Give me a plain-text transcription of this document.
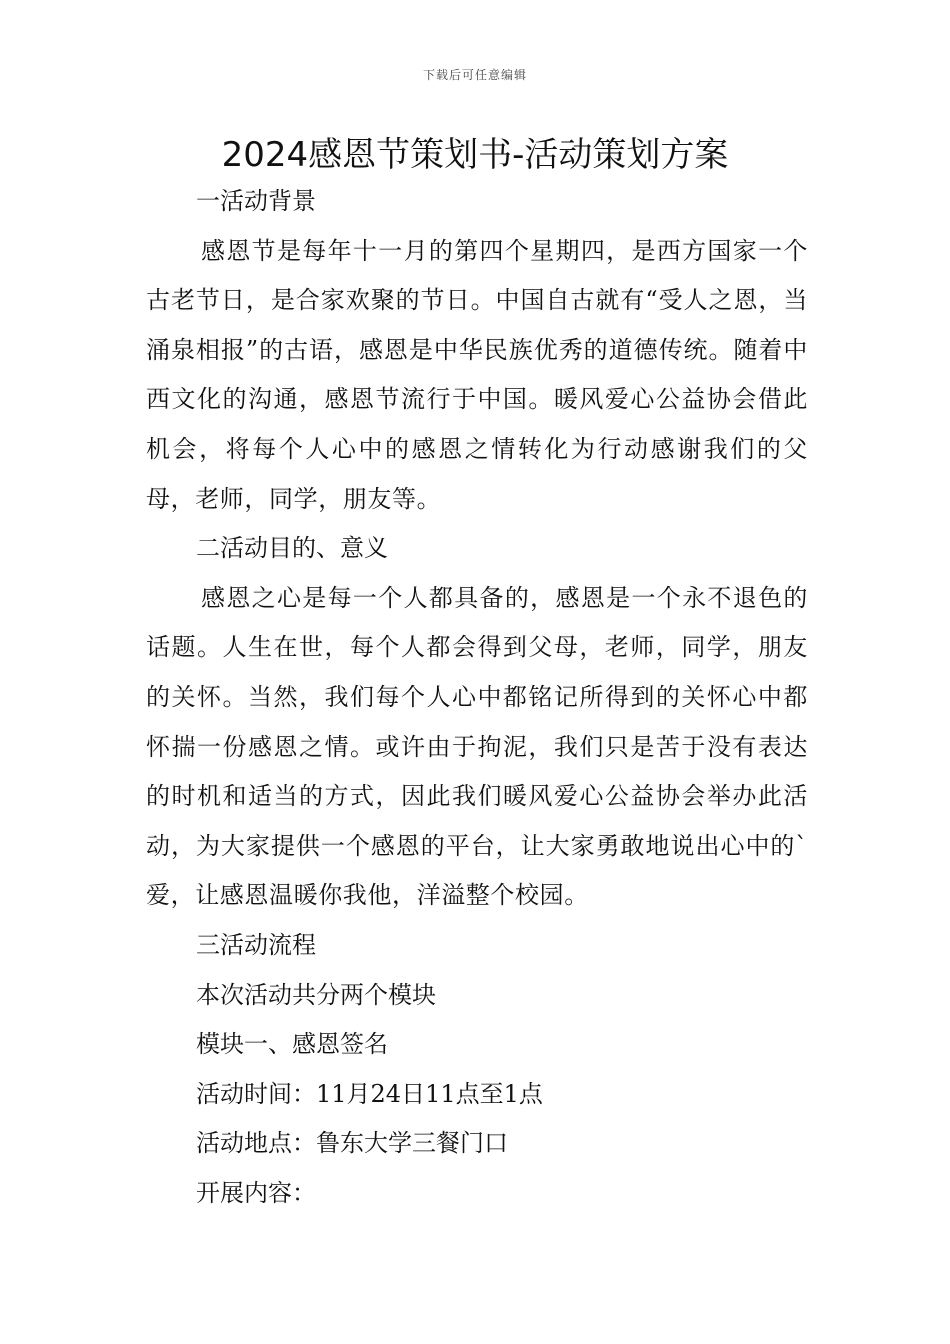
下载后可任意编辑
2024感恩节策划书-活动策划方案
一活动背景

感恩节是每年十一月的第四个星期四，是西方国家一个古老节日，是合家欢聚的节日。中国自古就有“受人之恩，当涌泉相报”的古语，感恩是中华民族优秀的道德传统。随着中西文化的沟通，感恩节流行于中国。暖风爱心公益协会借此机会，将每个人心中的感恩之情转化为行动感谢我们的父母，老师，同学，朋友等。

二活动目的、意义

感恩之心是每一个人都具备的，感恩是一个永不退色的话题。人生在世，每个人都会得到父母，老师，同学，朋友的关怀。当然，我们每个人心中都铭记所得到的关怀心中都怀揣一份感恩之情。或许由于拘泥，我们只是苦于没有表达的时机和适当的方式，因此我们暖风爱心公益协会举办此活动，为大家提供一个感恩的平台，让大家勇敢地说出心中的`爱，让感恩温暖你我他，洋溢整个校园。

三活动流程
本次活动共分两个模块
模块一、感恩签名
活动时间：11月24日11点至1点
活动地点：鲁东大学三餐门口
开展内容：
